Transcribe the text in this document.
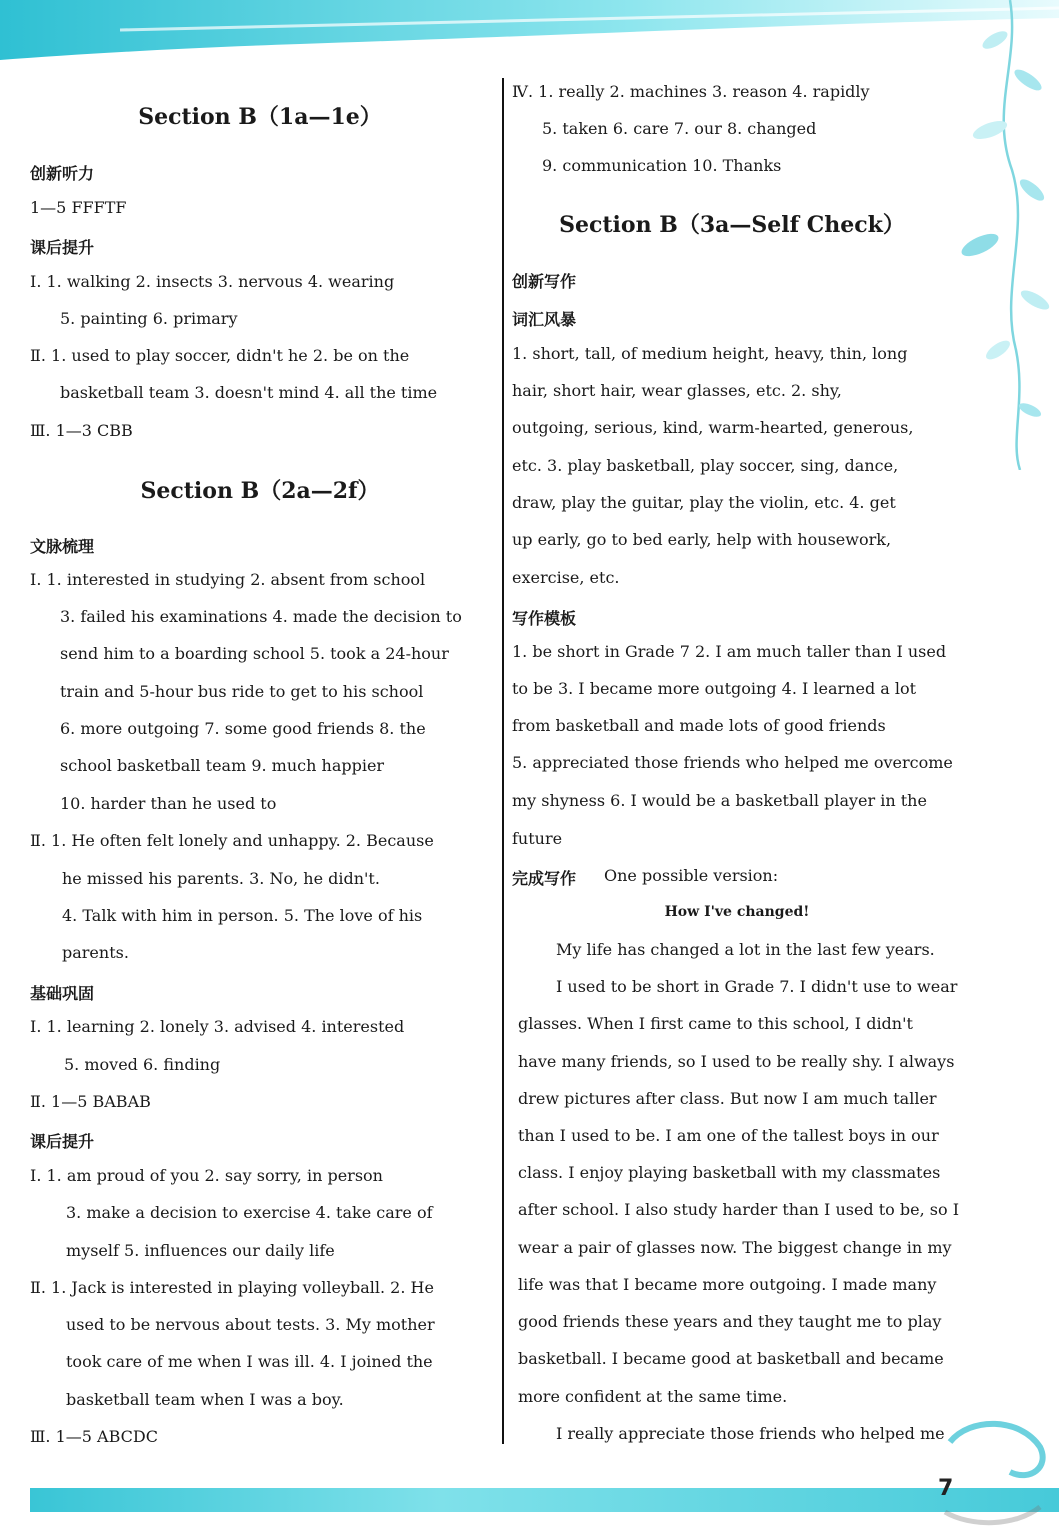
Section B（1a—1e）
创新听力
1—5 FFFTF
课后提升
Ⅰ. 1. walking 2. insects 3. nervous 4. wearing
5. painting 6. primary
Ⅱ. 1. used to play soccer, didn't he 2. be on the
basketball team 3. doesn't mind 4. all the time
Ⅲ. 1—3 CBB
Section B（2a—2f）
文脉梳理
Ⅰ. 1. interested in studying 2. absent from school
3. failed his examinations 4. made the decision to
send him to a boarding school 5. took a 24-hour
train and 5-hour bus ride to get to his school
6. more outgoing 7. some good friends 8. the
school basketball team 9. much happier
10. harder than he used to
Ⅱ. 1. He often felt lonely and unhappy. 2. Because
he missed his parents. 3. No, he didn't.
4. Talk with him in person. 5. The love of his
parents.
基础巩固
Ⅰ. 1. learning 2. lonely 3. advised 4. interested
5. moved 6. finding
Ⅱ. 1—5 BABAB
课后提升
Ⅰ. 1. am proud of you 2. say sorry, in person
3. make a decision to exercise 4. take care of
myself 5. influences our daily life
Ⅱ. 1. Jack is interested in playing volleyball. 2. He
used to be nervous about tests. 3. My mother
took care of me when I was ill. 4. I joined the
basketball team when I was a boy.
Ⅲ. 1—5 ABCDC
Ⅳ. 1. really 2. machines 3. reason 4. rapidly
5. taken 6. care 7. our 8. changed
9. communication 10. Thanks
Section B（3a—Self Check）
创新写作
词汇风暴
1. short, tall, of medium height, heavy, thin, long
hair, short hair, wear glasses, etc. 2. shy,
outgoing, serious, kind, warm-hearted, generous,
etc. 3. play basketball, play soccer, sing, dance,
draw, play the guitar, play the violin, etc. 4. get
up early, go to bed early, help with housework,
exercise, etc.
写作模板
1. be short in Grade 7 2. I am much taller than I used
to be 3. I became more outgoing 4. I learned a lot
from basketball and made lots of good friends
5. appreciated those friends who helped me overcome
my shyness 6. I would be a basketball player in the
future
完成写作 One possible version:
How I've changed!
My life has changed a lot in the last few years.
I used to be short in Grade 7. I didn't use to wear
glasses. When I first came to this school, I didn't
have many friends, so I used to be really shy. I always
drew pictures after class. But now I am much taller
than I used to be. I am one of the tallest boys in our
class. I enjoy playing basketball with my classmates
after school. I also study harder than I used to be, so I
wear a pair of glasses now. The biggest change in my
life was that I became more outgoing. I made many
good friends these years and they taught me to play
basketball. I became good at basketball and became
more confident at the same time.
I really appreciate those friends who helped me
7
